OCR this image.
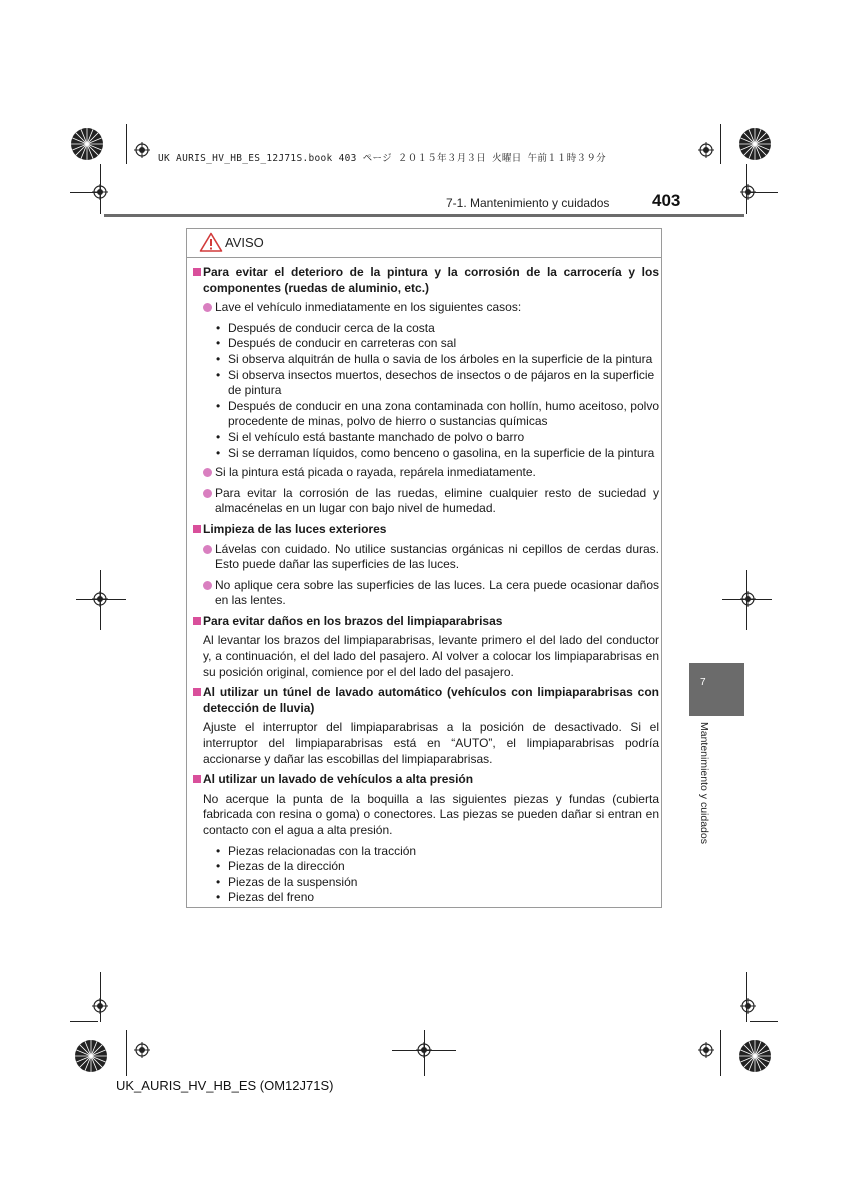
UK AURIS_HV_HB_ES_12J71S.book 403 ページ ２０１５年３月３日 火曜日 午前１１時３９分
7-1. Mantenimiento y cuidados	403
7
Mantenimiento y cuidados
AVISO
Para evitar el deterioro de la pintura y la corrosión de la carrocería y los componentes (ruedas de aluminio, etc.)
Lave el vehículo inmediatamente en los siguientes casos:
• Después de conducir cerca de la costa
• Después de conducir en carreteras con sal
• Si observa alquitrán de hulla o savia de los árboles en la superficie de la pintura
• Si observa insectos muertos, desechos de insectos o de pájaros en la superficie de pintura
• Después de conducir en una zona contaminada con hollín, humo aceitoso, polvo procedente de minas, polvo de hierro o sustancias químicas
• Si el vehículo está bastante manchado de polvo o barro
• Si se derraman líquidos, como benceno o gasolina, en la superficie de la pintura
Si la pintura está picada o rayada, repárela inmediatamente.
Para evitar la corrosión de las ruedas, elimine cualquier resto de suciedad y almacénelas en un lugar con bajo nivel de humedad.
Limpieza de las luces exteriores
Lávelas con cuidado. No utilice sustancias orgánicas ni cepillos de cerdas duras. Esto puede dañar las superficies de las luces.
No aplique cera sobre las superficies de las luces. La cera puede ocasionar daños en las lentes.
Para evitar daños en los brazos del limpiaparabrisas
Al levantar los brazos del limpiaparabrisas, levante primero el del lado del conductor y, a continuación, el del lado del pasajero. Al volver a colocar los limpiaparabrisas en su posición original, comience por el del lado del pasajero.
Al utilizar un túnel de lavado automático (vehículos con limpiaparabrisas con detección de lluvia)
Ajuste el interruptor del limpiaparabrisas a la posición de desactivado. Si el interruptor del limpiaparabrisas está en “AUTO”, el limpiaparabrisas podría accionarse y dañar las escobillas del limpiaparabrisas.
Al utilizar un lavado de vehículos a alta presión
No acerque la punta de la boquilla a las siguientes piezas y fundas (cubierta fabricada con resina o goma) o conectores. Las piezas se pueden dañar si entran en contacto con el agua a alta presión.
• Piezas relacionadas con la tracción
• Piezas de la dirección
• Piezas de la suspensión
• Piezas del freno
UK_AURIS_HV_HB_ES (OM12J71S)
